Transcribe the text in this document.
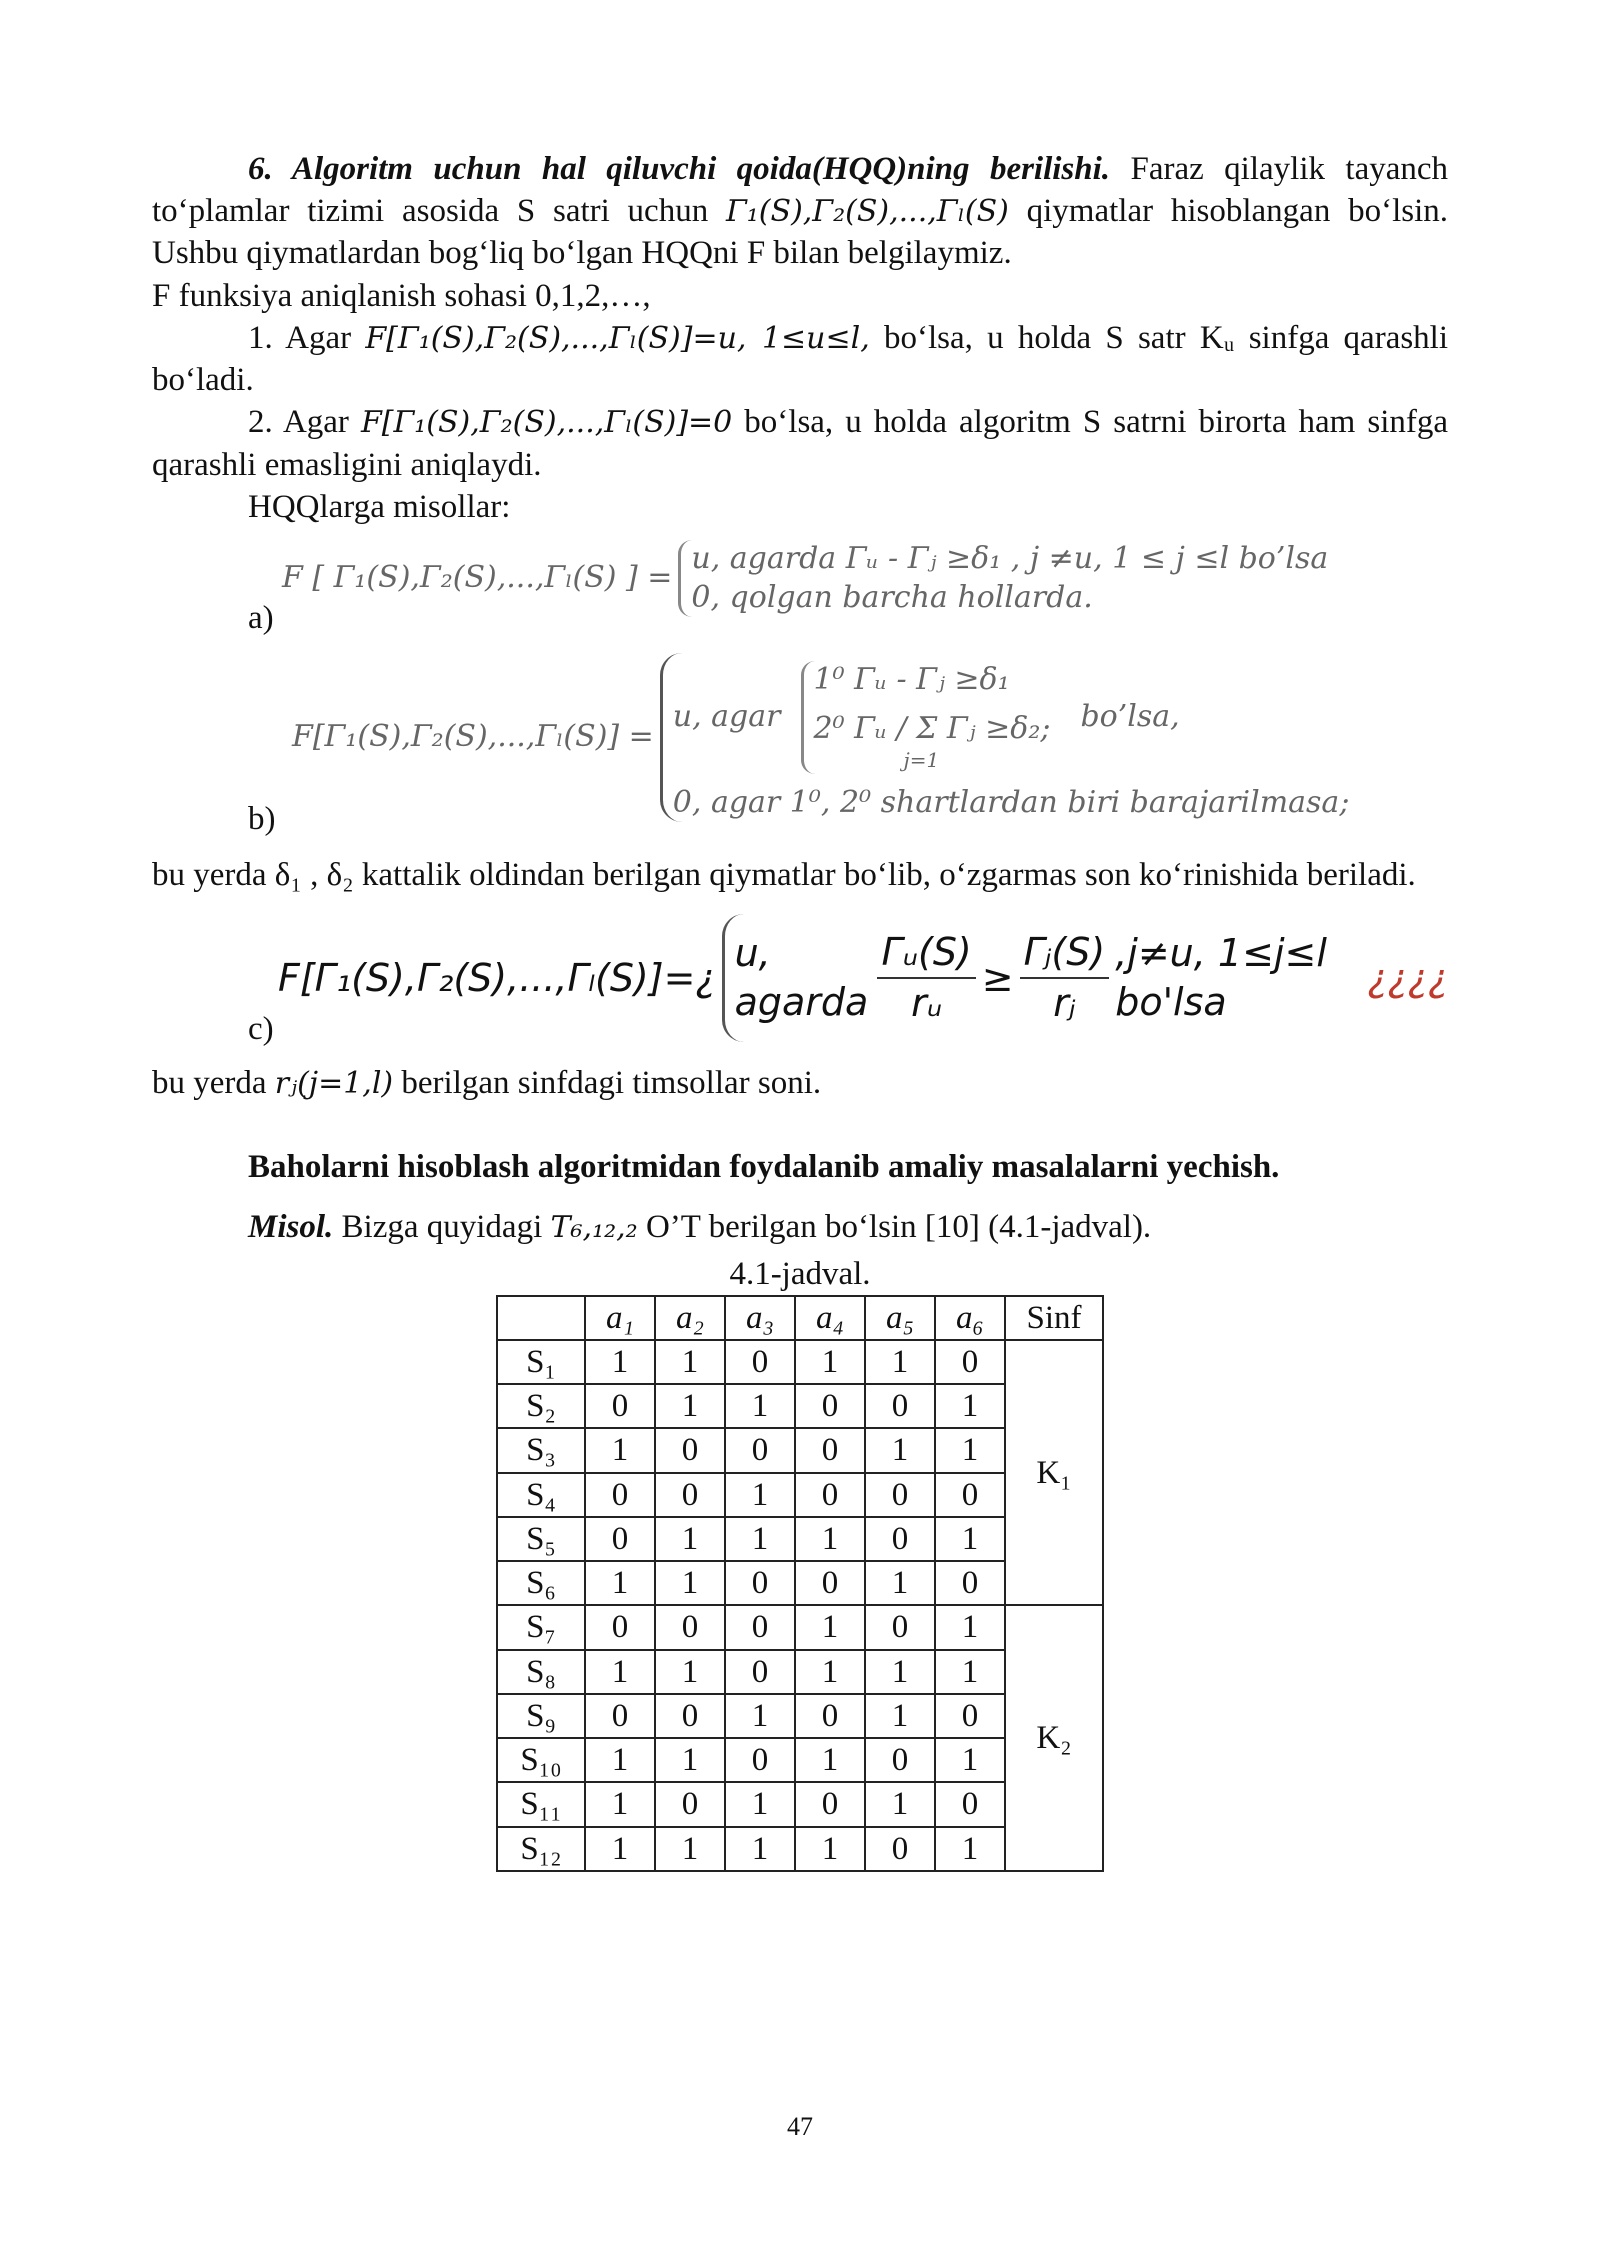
6. Algoritm uchun hal qiluvchi qoida(HQQ)ning berilishi. Faraz qilaylik tayanch to‘plamlar tizimi asosida S satri uchun Γ₁(S),Γ₂(S),...,Γₗ(S) qiymatlar hisoblangan bo‘lsin. Ushbu qiymatlardan bog‘liq bo‘lgan HQQni F bilan belgilaymiz.

F funksiya aniqlanish sohasi 0,1,2,…,

1. Agar F[Γ₁(S),Γ₂(S),...,Γₗ(S)]=u, 1≤u≤l, bo‘lsa, u holda S satr Kᵤ sinfga qarashli bo‘ladi.

2. Agar F[Γ₁(S),Γ₂(S),...,Γₗ(S)]=0 bo‘lsa, u holda algoritm S satrni birorta ham sinfga qarashli emasligini aniqlaydi.

HQQlarga misollar:

F [ Γ₁(S),Γ₂(S),...,Γₗ(S) ] =
u, agarda Γᵤ - Γⱼ ≥δ₁ , j ≠u, 1 ≤ j ≤l bo’lsa
0, qolgan barcha hollarda.
a)
F[Γ₁(S),Γ₂(S),...,Γₗ(S)] =
u, agar
1⁰ Γᵤ - Γⱼ ≥δ₁
2⁰ Γᵤ / Σ Γⱼ ≥δ₂;
j=1
bo’lsa,
0, agar 1⁰, 2⁰ shartlardan biri barajarilmasa;
b)

bu yerda δ₁ , δ₂ kattalik oldindan berilgan qiymatlar bo‘lib, o‘zgarmas son ko‘rinishida beriladi.

F[Γ₁(S),Γ₂(S),...,Γₗ(S)]=¿
u, agarda $\frac{\text{Γᵤ(S)}}{\text{rᵤ}} \ge \frac{\text{Γⱼ(S)}}{\text{rⱼ}} ,j\ne u$, 1≤j≤l bo'lsa
¿¿¿¿
c)

bu yerda rⱼ(j=1,l) berilgan sinfdagi timsollar soni.

Baholarni hisoblash algoritmidan foydalanib amaliy masalalarni yechish.

Misol. Bizga quyidagi T₆,₁₂,₂ O’T berilgan bo‘lsin [10] (4.1-jadval).

4.1-jadval.
	a₁	a₂	a₃	a₄	a₅	a₆	Sinf
S₁	1	1	0	1	1	0	K₁
S₂	0	1	1	0	0	1	
S₃	1	0	0	0	1	1	
S₄	0	0	1	0	0	0	
S₅	0	1	1	1	0	1	
S₆	1	1	0	0	1	0	
S₇	0	0	0	1	0	1	K₂
S₈	1	1	0	1	1	1	
S₉	0	0	1	0	1	0	
S₁₀	1	1	0	1	0	1	
S₁₁	1	0	1	0	1	0	
S₁₂	1	1	1	1	0	1	
47
